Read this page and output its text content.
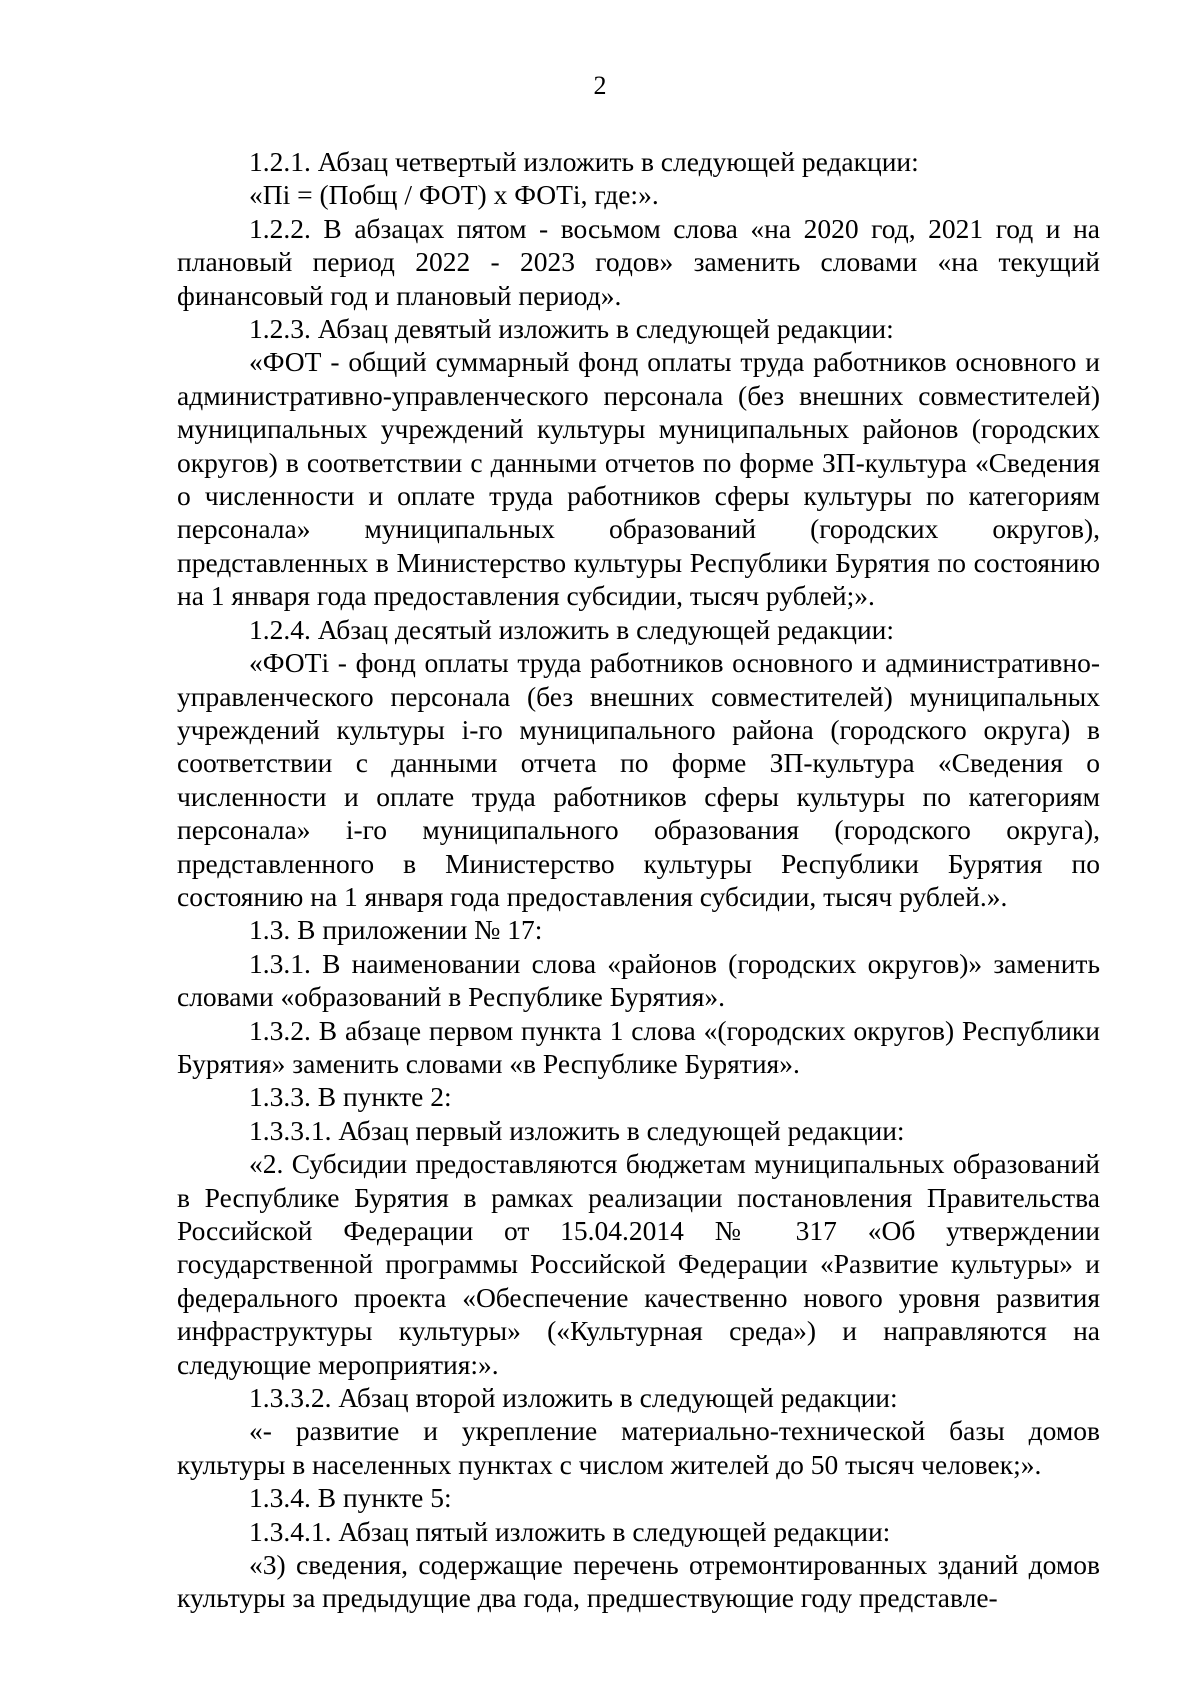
2

1.2.1. Абзац четвертый изложить в следующей редакции:

«Пi = (Побщ / ФОТ) х ФОТi, где:».

1.2.2. В абзацах пятом - восьмом слова «на 2020 год, 2021 год и на плановый период 2022 - 2023 годов» заменить словами «на текущий финансовый год и плановый период».

1.2.3. Абзац девятый изложить в следующей редакции:

«ФОТ - общий суммарный фонд оплаты труда работников основного и административно-управленческого персонала (без внешних совместителей) муниципальных учреждений культуры муниципальных районов (городских округов) в соответствии с данными отчетов по форме ЗП-культура «Сведения о численности и оплате труда работников сферы культуры по категориям персонала» муниципальных образований (городских округов), представленных в Министерство культуры Республики Бурятия по состоянию на 1 января года предоставления субсидии, тысяч рублей;».

1.2.4. Абзац десятый изложить в следующей редакции:

«ФОТi - фонд оплаты труда работников основного и административно-управленческого персонала (без внешних совместителей) муниципальных учреждений культуры i-го муниципального района (городского округа) в соответствии с данными отчета по форме ЗП-культура «Сведения о численности и оплате труда работников сферы культуры по категориям персонала» i-го муниципального образования (городского округа), представленного в Министерство культуры Республики Бурятия по состоянию на 1 января года предоставления субсидии, тысяч рублей.».

1.3. В приложении № 17:

1.3.1. В наименовании слова «районов (городских округов)» заменить словами «образований в Республике Бурятия».

1.3.2. В абзаце первом пункта 1 слова «(городских округов) Республики Бурятия» заменить словами «в Республике Бурятия».

1.3.3. В пункте 2:

1.3.3.1. Абзац первый изложить в следующей редакции:

«2. Субсидии предоставляются бюджетам муниципальных образований в Республике Бурятия в рамках реализации постановления Правительства Российской Федерации от 15.04.2014 № 317 «Об утверждении государственной программы Российской Федерации «Развитие культуры» и федерального проекта «Обеспечение качественно нового уровня развития инфраструктуры культуры» («Культурная среда») и направляются на следующие мероприятия:».

1.3.3.2. Абзац второй изложить в следующей редакции:

«- развитие и укрепление материально-технической базы домов культуры в населенных пунктах с числом жителей до 50 тысяч человек;».

1.3.4. В пункте 5:

1.3.4.1. Абзац пятый изложить в следующей редакции:

«3) сведения, содержащие перечень отремонтированных зданий домов культуры за предыдущие два года, предшествующие году представле-
